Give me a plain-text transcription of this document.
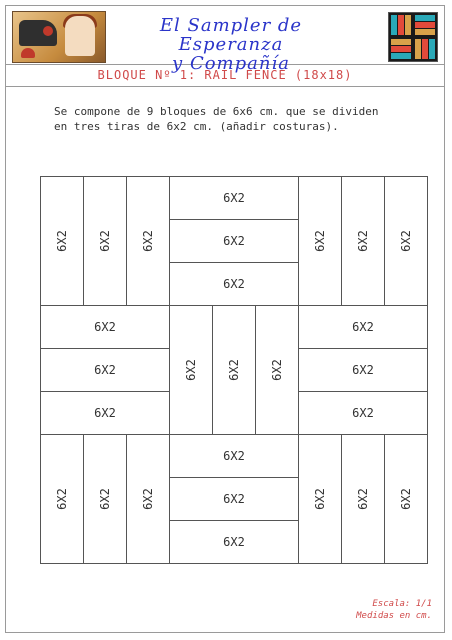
El Sampler de Esperanza
y Compañía
BLOQUE Nº 1: RAIL FENCE (18x18)
Se compone de 9 bloques de 6x6 cm. que se dividen
en tres tiras de 6x2 cm. (añadir costuras).
6X2 6X2 6X2
6X2
6X2
6X2
6X2 6X2 6X2
6X2
6X2
6X2
6X2 6X2 6X2
6X2
6X2
6X2
6X2 6X2 6X2
6X2
6X2
6X2
6X2 6X2 6X2
Escala: 1/1
Medidas en cm.
